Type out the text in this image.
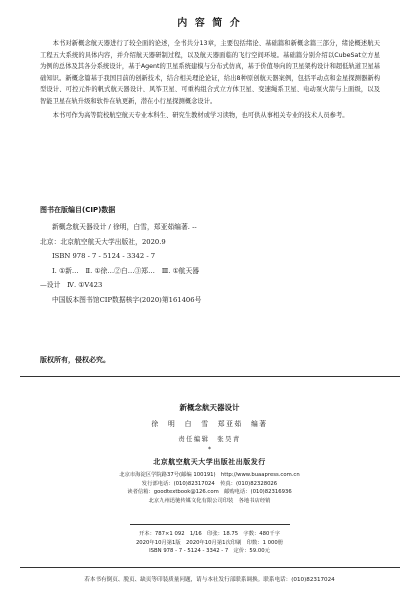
内 容 简 介

本书对新概念航天器进行了较全面的论述，全书共分13章，主要包括绪论、基础篇和新概念篇三部分，绪论概述航天工程五大系统的具体内容，并介绍航天器研制过程，以及航天器面临的飞行空间环境。基础篇分别介绍以CubeSat立方星为例的总体及其各分系统设计，基于Agent的卫星系统建模与分布式仿真，基于价值导向的卫星架构设计和超低轨道卫星基础知识。新概念篇基于我国目前的创新技术，结合相关理论论证，给出8种原创航天器案例，包括平动点和金星探测器新构型设计、可控元件的帆式航天器设计、风筝卫星、可重构组合式立方体卫星、变速绳系卫星、电动泵火箭与上面级，以及智能卫星在轨升级和软件在轨更新，潜在小行星探测概念设计。

本书可作为高等院校航空航天专业本科生、研究生教材或学习读物，也可供从事相关专业的技术人员参考。

图书在版编目(CIP)数据
新概念航天器设计 / 徐明，白雪，郑亚茹编著. --
北京：北京航空航天大学出版社，2020.9
ISBN 978 - 7 - 5124 - 3342 - 7
Ⅰ. ①新…　Ⅱ. ①徐…②白…③郑…　Ⅲ. ①航天器
—设计　Ⅳ. ①V423
中国版本图书馆CIP数据核字(2020)第161406号
版权所有，侵权必究。
新概念航天器设计
徐　明　白　雪　郑亚茹　编著
责任编辑　张昊青
*
北京航空航天大学出版社出版发行
北京市海淀区学院路37号(邮编 100191)　http://www.buaapress.com.cn
发行部电话：(010)82317024　传真：(010)82328026
读者信箱：goodtextbook@126.com　邮购电话：(010)82316936
北京九州迅驰传媒文化有限公司印装　各地书店经销
开本：787×1 092　1/16　印张：18.75　字数：480千字
2020年10月第1版　2020年10月第1次印刷　印数：1 000册
ISBN 978 - 7 - 5124 - 3342 - 7　定价：59.00元
若本书有倒页、脱页、缺页等印装质量问题，请与本社发行部联系调换。联系电话：(010)82317024
